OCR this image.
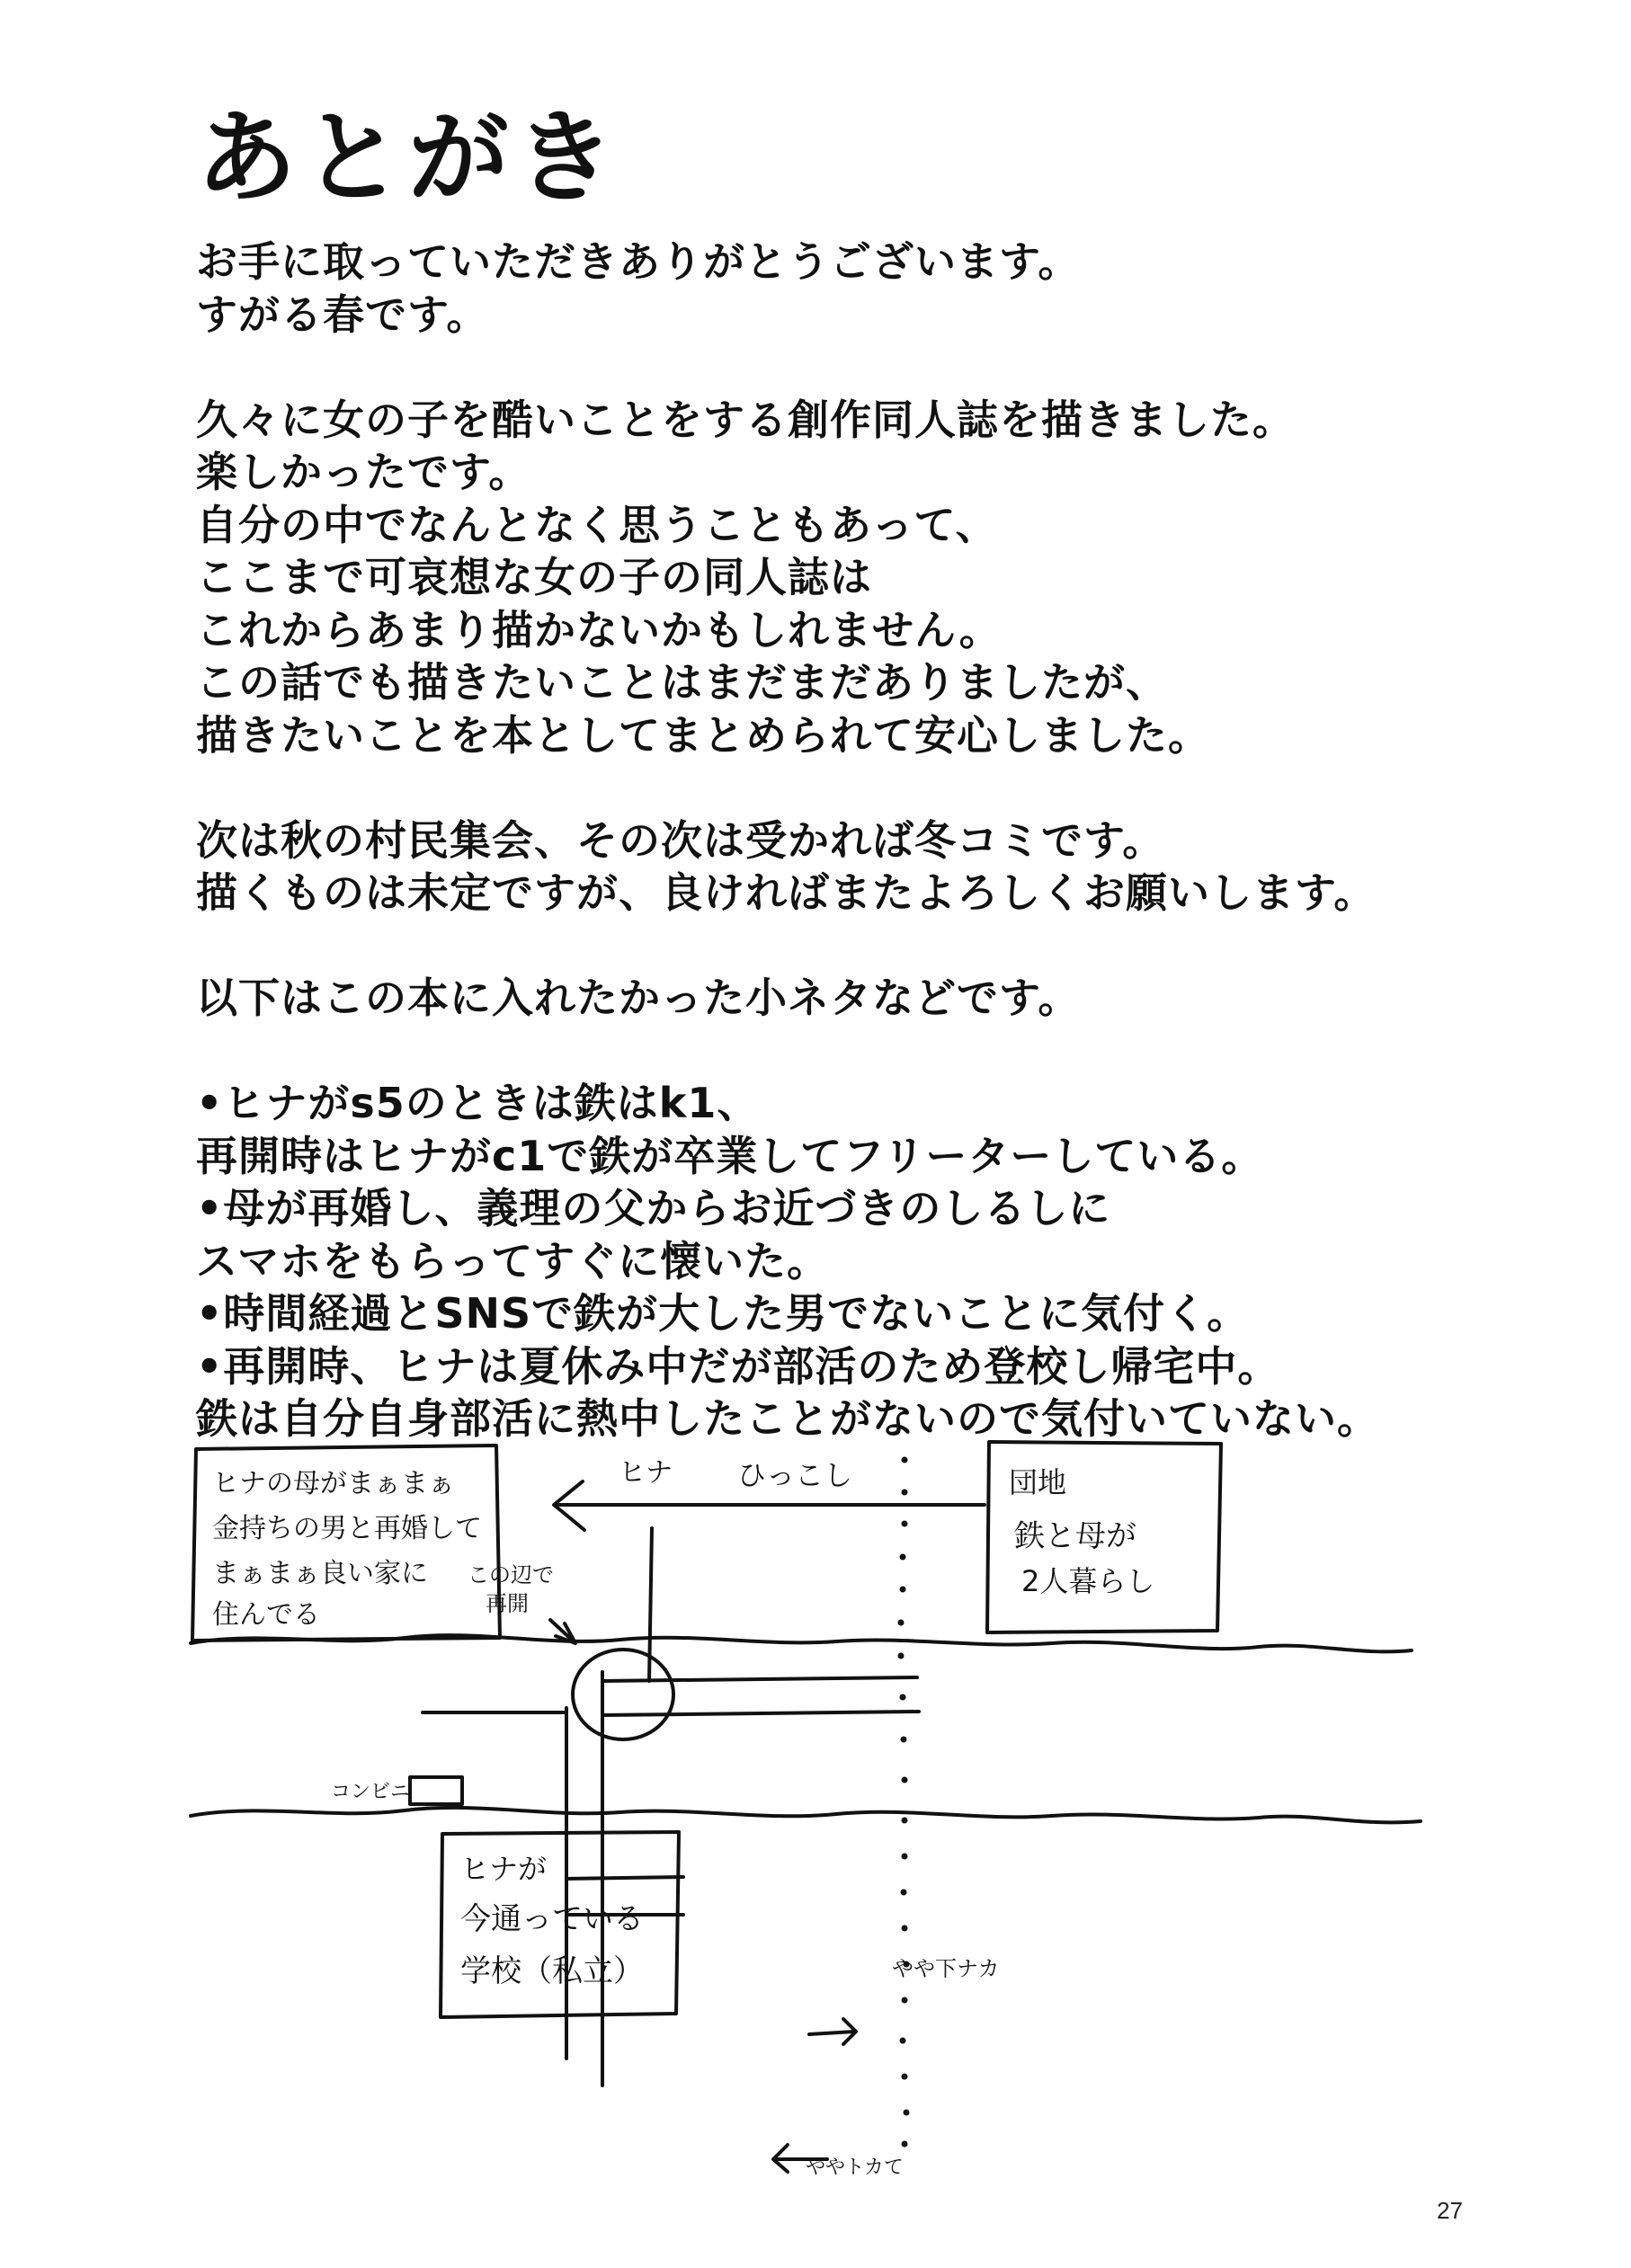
あとがき
お手に取っていただきありがとうございます。
すがる春です。
久々に女の子を酷いことをする創作同人誌を描きました。
楽しかったです。
自分の中でなんとなく思うこともあって、
ここまで可哀想な女の子の同人誌は
これからあまり描かないかもしれません。
この話でも描きたいことはまだまだありましたが、
描きたいことを本としてまとめられて安心しました。
次は秋の村民集会、その次は受かれば冬コミです。
描くものは未定ですが、良ければまたよろしくお願いします。
以下はこの本に入れたかった小ネタなどです。
•ヒナがs5のときは鉄はk1、
再開時はヒナがc1で鉄が卒業してフリーターしている。
•母が再婚し、義理の父からお近づきのしるしに
スマホをもらってすぐに懐いた。
•時間経過とSNSで鉄が大した男でないことに気付く。
•再開時、ヒナは夏休み中だが部活のため登校し帰宅中。
鉄は自分自身部活に熱中したことがないので気付いていない。
ヒナの母がまぁまぁ
金持ちの男と再婚して
まぁまぁ良い家に
住んでる
団地
鉄と母が
2人暮らし
ヒナが
今通っている
学校（私立）
ヒナ ひっこし
この辺で
再開
コンビニ
やや下ナカ
ややトカて
27
